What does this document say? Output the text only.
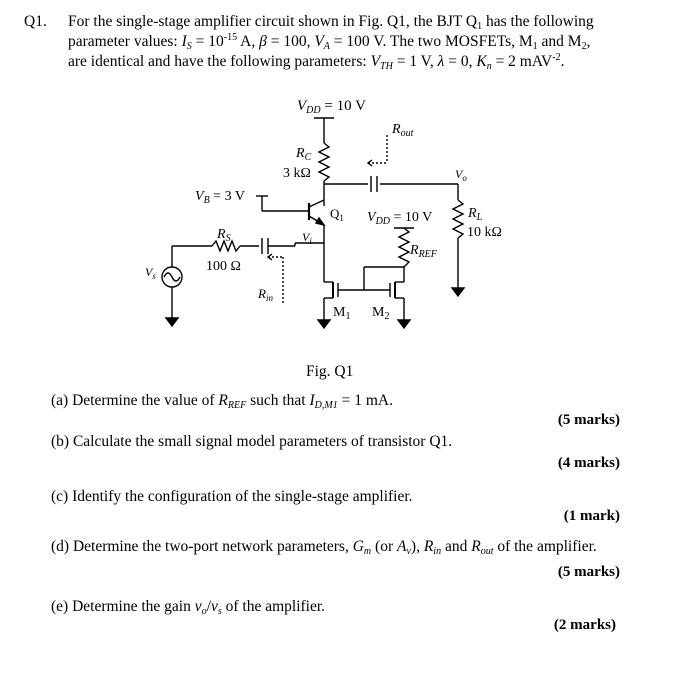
Q1. For the single-stage amplifier circuit shown in Fig. Q1, the BJT $Q_1$ has the following
parameter values: $I_S = 10^{-15}$ A, β = 100, $V_A = 100$ V. The two MOSFETs, $M_1$ and $M_2$,
are identical and have the following parameters: $V_{TH} = 1$ V, λ = 0, $K_n = 2$ mAV$^{-2}$.
$V_{DD} = 10$ V
$R_{out}$
$R_C$
3 kΩ	$V_o$
$V_B = 3$ V
$Q_1$ $V_{DD} = 10$ V	$R_L$
10 kΩ
$R_S$
100 Ω
$V_i$
$R_{REF}$
$V_s$
$R_{in}$
$M_1$ $M_2$
Fig. Q1
(a) Determine the value of $R_{REF}$ such that $I_{D,M1} = 1$ mA.
(5 marks)
(b) Calculate the small signal model parameters of transistor Q1.
(4 marks)
(c) Identify the configuration of the single-stage amplifier.
(1 mark)
(d) Determine the two-port network parameters, $G_m$ (or $A_v$), $R_{in}$ and $R_{out}$ of the amplifier.
(5 marks)
(e) Determine the gain $v_o/v_s$ of the amplifier.
(2 marks)
